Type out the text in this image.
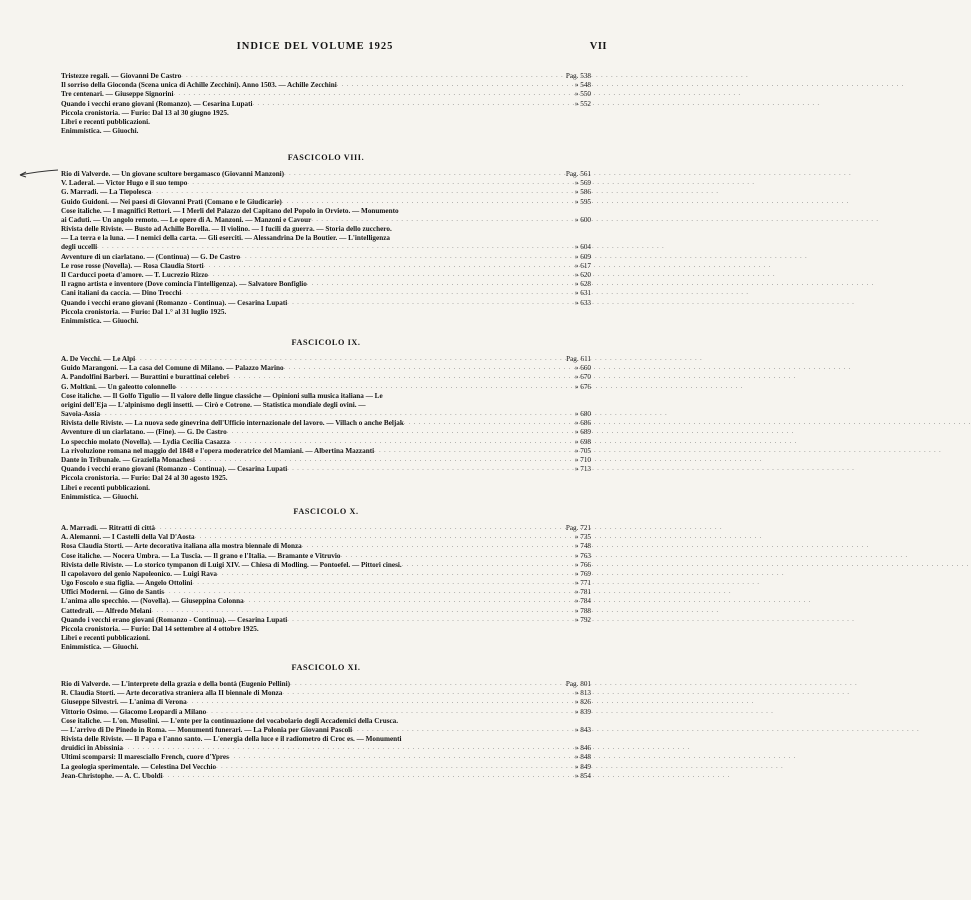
INDICE DEL VOLUME 1925	VII
Tristezze regali. — Giovanni De Castro . . .	Pag. 538
Il sorriso della Gioconda (Scena unica di Achille Zecchini). Anno 1503. — Achille Zecchini . . .	» 548
Tre centenari. — Giuseppe Signorini . . .	» 550
Quando i vecchi erano giovani (Romanzo). — Cesarina Lupati . . .	» 552
Piccola cronistoria. — Furio: Dal 13 al 30 giugno 1925.
Libri e recenti pubblicazioni.
Enimmistica. — Giuochi.
FASCICOLO VIII.
Rio di Valverde. — Un giovane scultore bergamasco (Giovanni Manzoni) . . .	Pag. 561
V. Laderal. — Victor Hugo e il suo tempo . . .	» 569
G. Marradi. — La Tiepolesca . . .	» 586
Guido Guidoni. — Nei paesi di Giovanni Prati (Comano e le Giudicarie) . . .	» 595
Cose italiche. — I magnifici Rettori. — I Merli del Palazzo del Capitano del Popolo in Orvieto. — Monumento
ai Caduti. — Un angolo remoto. — Le opere di A. Manzoni. — Manzoni e Cavour . . .	» 600
Rivista delle Riviste. — Busto ad Achille Borella. — Il violino. — I fucili da guerra. — Storia dello zucchero.
— La terra e la luna. — I nemici della carta. — Gli eserciti. — Alessandrina De la Boutier. — L'intelligenza
degli uccelli . . .	» 604
Avventure di un ciarlatano. — (Continua) — G. De Castro . . .	» 609
Le rose rosse (Novella). — Rosa Claudia Storti . . .	» 617
Il Carducci poeta d'amore. — T. Lucrezio Rizzo . . .	» 620
Il ragno artista e inventore (Dove comincia l'intelligenza). — Salvatore Bonfiglio . . .	» 628
Cani italiani da caccia. — Dino Trocchi . . .	» 631
Quando i vecchi erano giovani (Romanzo - Continua). — Cesarina Lupati . . .	» 633
Piccola cronistoria. — Furio: Dal 1.° al 31 luglio 1925.
Enimmistica. — Giuochi.
FASCICOLO IX.
A. De Vecchi. — Le Alpi . . .	Pag. 611
Guido Marangoni. — La casa del Comune di Milano. — Palazzo Marino . . .	» 660
A. Pandolfini Barberi. — Burattini e burattinai celebri . . .	» 670
G. Moltkni. — Un galeotto colonnello . . .	» 676
Cose italiche. — Il Golfo Tigulio — Il valore delle lingue classiche — Opinioni sulla musica italiana — Le
origini dell'Eja — L'alpinismo degli insetti. — Cirò e Cotrone. — Statistica mondiale degli ovini. —
Savoia-Assia . . .	» 680
Rivista delle Riviste. — La nuova sede ginevrina dell'Ufficio internazionale del lavoro. — Villach o anche Beljak . . .	» 686
Avventure di un ciarlatano. — (Fine). — G. De Castro . . .	» 689
Lo specchio molato (Novella). — Lydia Cecilia Casazza . . .	» 698
La rivoluzione romana nel maggio del 1848 e l'opera moderatrice del Mamiani. — Albertina Mazzanti . . .	» 705
Dante in Tribunale. — Graziella Monachesi . . .	» 710
Quando i vecchi erano giovani (Romanzo - Continua). — Cesarina Lupati . . .	» 713
Piccola cronistoria. — Furio: Dal 24 al 30 agosto 1925.
Libri e recenti pubblicazioni.
Enimmistica. — Giuochi.
FASCICOLO X.
A. Marradi. — Ritratti di città . . .	Pag. 721
A. Alemanni. — I Castelli della Val D'Aosta . . .	» 735
Rosa Claudia Storti. — Arte decorativa italiana alla mostra biennale di Monza . . .	» 748
Cose italiche. — Nocera Umbra. — La Tuscia. — Il grano e l'Italia. — Bramante e Vitruvio . . .	» 763
Rivista delle Riviste. — Lo storico tympanon di Luigi XIV. — Chiesa di Modling. — Pontoefel. — Pittori cinesi. . . .	» 766
Il capolavoro del genio Napoleonico. — Luigi Rava . . .	» 769
Ugo Foscolo e sua figlia. — Angelo Ottolini . . .	» 771
Uffici Moderni. — Gino de Santis . . .	» 781
L'anima allo specchio. — (Novella). — Giuseppina Colonna . . .	» 784
Cattedrali. — Alfredo Melani . . .	» 788
Quando i vecchi erano giovani (Romanzo - Continua). — Cesarina Lupati . . .	» 792
Piccola cronistoria. — Furio: Dal 14 settembre al 4 ottobre 1925.
Libri e recenti pubblicazioni.
Enimmistica. — Giuochi.
FASCICOLO XI.
Rio di Valverde. — L'interprete della grazia e della bontà (Eugenio Pellini) . . .	Pag. 801
R. Claudia Storti. — Arte decorativa straniera alla II biennale di Monza . . .	» 813
Giuseppe Silvestri. — L'anima di Verona . . .	» 826
Vittorio Osimo. — Giacomo Leopardi a Milano . . .	» 839
Cose italiche. — L'on. Musolini. — L'ente per la continuazione del vocabolario degli Accademici della Crusca.
— L'arrivo di De Pinedo in Roma. — Monumenti funerari. — La Polonia per Giovanni Pascoli . . .	» 843
Rivista delle Riviste. — Il Papa e l'anno santo. — L'energia della luce e il radiometro di Croc es. — Monumenti
druidici in Abissinia . . .	» 846
Ultimi scomparsi: Il maresciallo French, cuore d'Ypres . . .	» 848
La geologia sperimentale. — Celestina Del Vecchio . . .	» 849
Jean-Christophe. — A. C. Uboldi . . .	» 854
